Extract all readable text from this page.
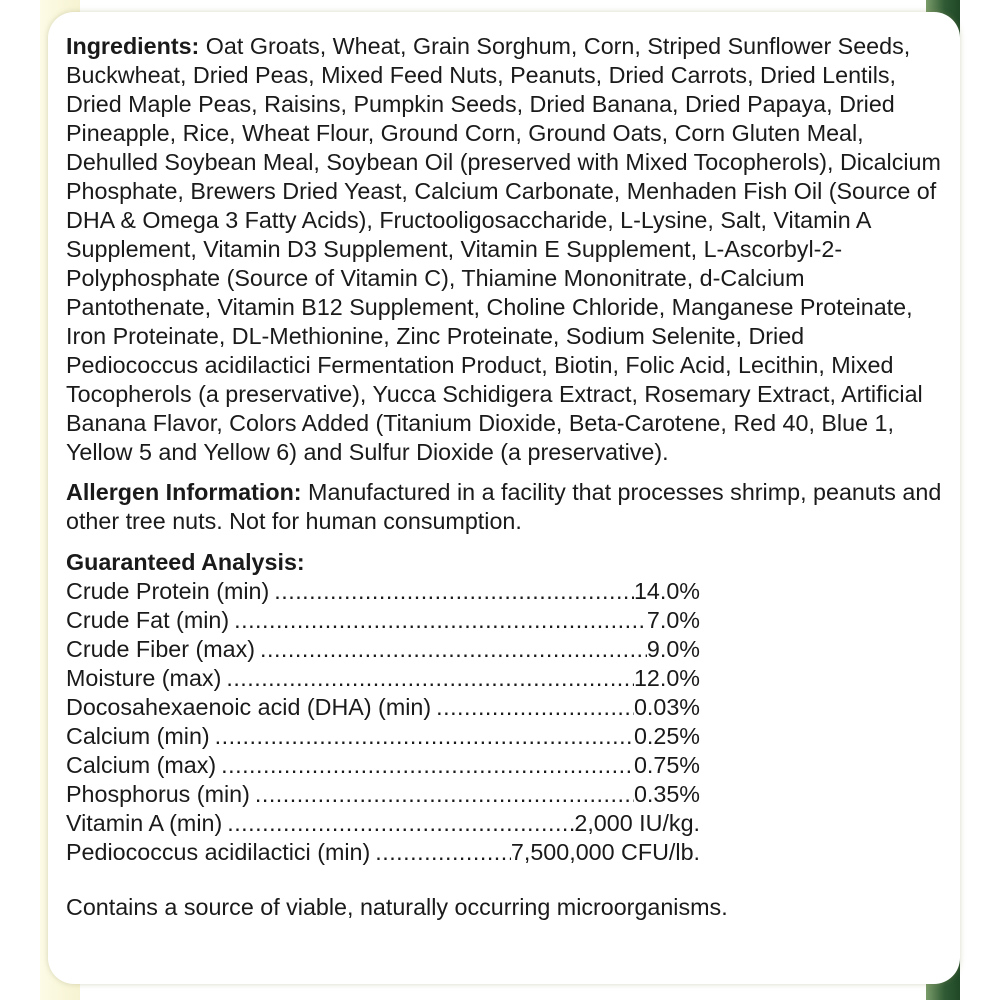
Ingredients: Oat Groats, Wheat, Grain Sorghum, Corn, Striped Sunflower Seeds, Buckwheat, Dried Peas, Mixed Feed Nuts, Peanuts, Dried Carrots, Dried Lentils, Dried Maple Peas, Raisins, Pumpkin Seeds, Dried Banana, Dried Papaya, Dried Pineapple, Rice, Wheat Flour, Ground Corn, Ground Oats, Corn Gluten Meal, Dehulled Soybean Meal, Soybean Oil (preserved with Mixed Tocopherols), Dicalcium Phosphate, Brewers Dried Yeast, Calcium Carbonate, Menhaden Fish Oil (Source of DHA & Omega 3 Fatty Acids), Fructooligosaccharide, L-Lysine, Salt, Vitamin A Supplement, Vitamin D3 Supplement, Vitamin E Supplement, L-Ascorbyl-2-Polyphosphate (Source of Vitamin C), Thiamine Mononitrate, d-Calcium Pantothenate, Vitamin B12 Supplement, Choline Chloride, Manganese Proteinate, Iron Proteinate, DL-Methionine, Zinc Proteinate, Sodium Selenite, Dried Pediococcus acidilactici Fermentation Product, Biotin, Folic Acid, Lecithin, Mixed Tocopherols (a preservative), Yucca Schidigera Extract, Rosemary Extract, Artificial Banana Flavor, Colors Added (Titanium Dioxide, Beta-Carotene, Red 40, Blue 1, Yellow 5 and Yellow 6) and Sulfur Dioxide (a preservative).

Allergen Information: Manufactured in a facility that processes shrimp, peanuts and other tree nuts. Not for human consumption.

Guaranteed Analysis:

Crude Protein (min) .....	14.0%
Crude Fat (min) .....	7.0%
Crude Fiber (max) .....	9.0%
Moisture (max) .....	12.0%
Docosahexaenoic acid (DHA) (min) .....	0.03%
Calcium (min) .....	0.25%
Calcium (max) .....	0.75%
Phosphorus (min) .....	0.35%
Vitamin A (min) .....	2,000 IU/kg.
Pediococcus acidilactici (min) .....	7,500,000 CFU/lb.

Contains a source of viable, naturally occurring microorganisms.
